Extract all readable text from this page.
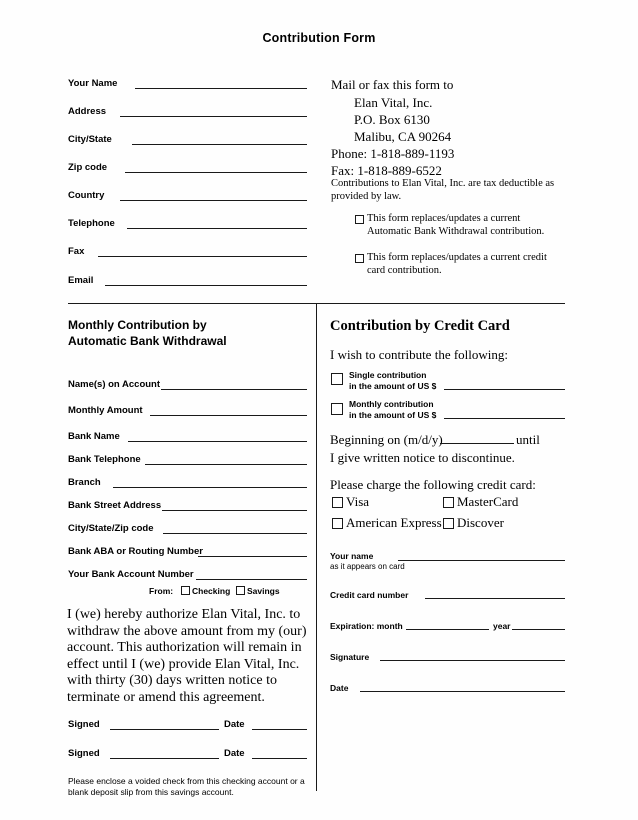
Contribution Form
Your Name
Address
City/State
Zip code
Country
Telephone
Fax
Email
Mail or fax this form to
Elan Vital, Inc.
P.O. Box 6130
Malibu, CA 90264
Phone: 1-818-889-1193
Fax: 1-818-889-6522
Contributions to Elan Vital, Inc. are tax deductible as provided by law.
This form replaces/updates a current Automatic Bank Withdrawal contribution.
This form replaces/updates a current credit card contribution.
Monthly Contribution by
Automatic Bank Withdrawal
Name(s) on Account
Monthly Amount
Bank Name
Bank Telephone
Branch
Bank Street Address
City/State/Zip code
Bank ABA or Routing Number
Your Bank Account Number
From: Checking Savings
I (we) hereby authorize Elan Vital, Inc. to withdraw the above amount from my (our) account. This authorization will remain in effect until I (we) provide Elan Vital, Inc. with thirty (30) days written notice to terminate or amend this agreement.
Signed	Date
Signed	Date
Please enclose a voided check from this checking account or a blank deposit slip from this savings account.
Contribution by Credit Card
I wish to contribute the following:
Single contribution
in the amount of US $
Monthly contribution
in the amount of US $
Beginning on (m/d/y)	until
I give written notice to discontinue.
Please charge the following credit card:
Visa	MasterCard
American Express Discover
Your name
as it appears on card
Credit card number
Expiration: month	year
Signature
Date
